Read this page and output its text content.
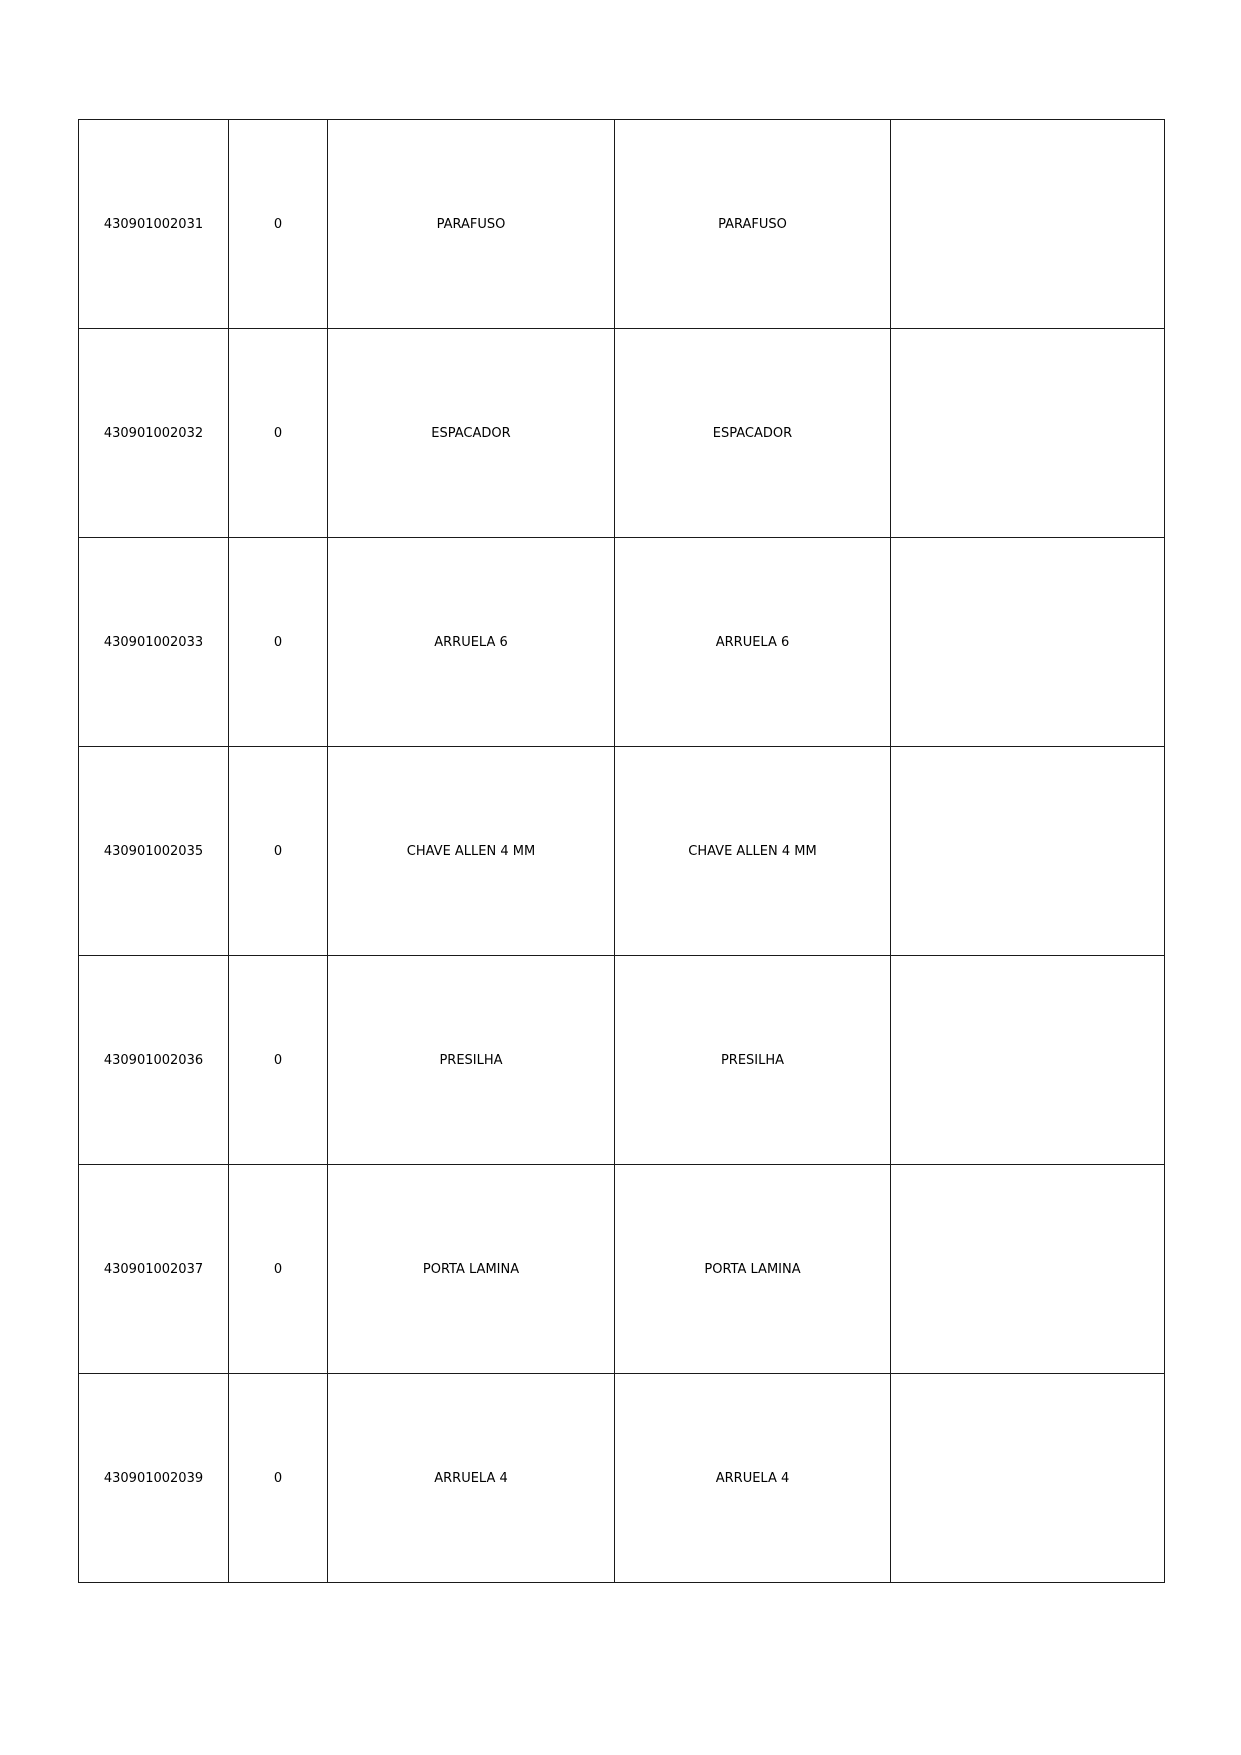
430901002031	0	PARAFUSO	PARAFUSO	
430901002032	0	ESPACADOR	ESPACADOR	
430901002033	0	ARRUELA 6	ARRUELA 6	
430901002035	0	CHAVE ALLEN 4 MM	CHAVE ALLEN 4 MM	
430901002036	0	PRESILHA	PRESILHA	
430901002037	0	PORTA LAMINA	PORTA LAMINA	
430901002039	0	ARRUELA 4	ARRUELA 4	
